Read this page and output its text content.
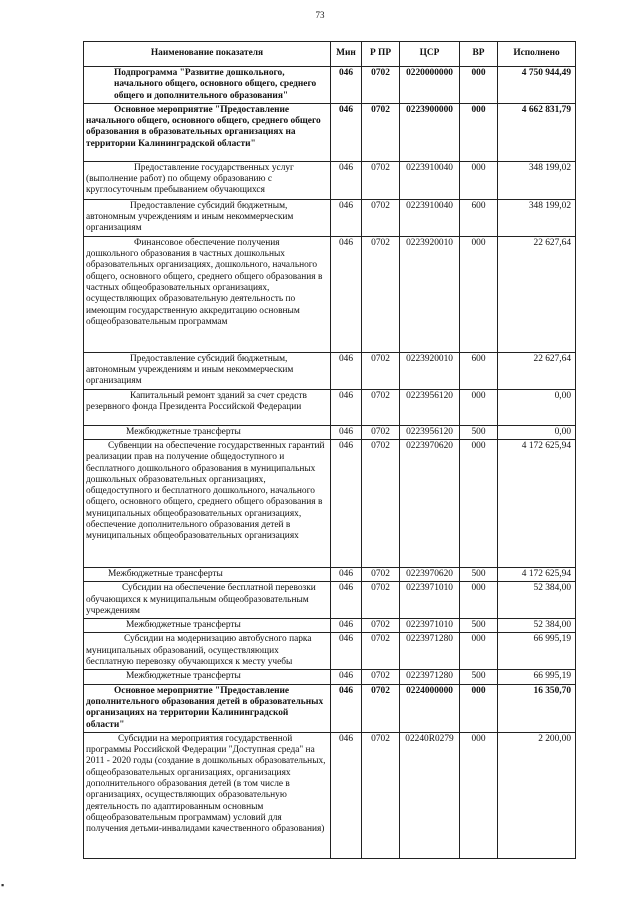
73
Наименование показателя	Мин	Р ПР	ЦСР	ВР	Исполнено
Подпрограмма "Развитие дошкольного, начального общего, основного общего, среднего общего и дополнительного образования"	046	0702	0220000000	000	4 750 944,49
Основное мероприятие "Предоставление начального общего, основного общего, среднего общего образования в образовательных организациях на территории Калининградской области"	046	0702	0223900000	000	4 662 831,79
Предоставление государственных услуг (выполнение работ) по общему образованию с круглосуточным пребыванием обучающихся	046	0702	0223910040	000	348 199,02
Предоставление субсидий бюджетным, автономным учреждениям и иным некоммерческим организациям	046	0702	0223910040	600	348 199,02
Финансовое обеспечение получения дошкольного образования в частных дошкольных образовательных организациях, дошкольного, начального общего, основного общего, среднего общего образования в частных общеобразовательных организациях, осуществляющих образовательную деятельность по имеющим государственную аккредитацию основным общеобразовательным программам	046	0702	0223920010	000	22 627,64
Предоставление субсидий бюджетным, автономным учреждениям и иным некоммерческим организациям	046	0702	0223920010	600	22 627,64
Капитальный ремонт зданий за счет средств резервного фонда Президента Российской Федерации	046	0702	0223956120	000	0,00
Межбюджетные трансферты	046	0702	0223956120	500	0,00
Субвенции на обеспечение государственных гарантий реализации прав на получение общедоступного и бесплатного дошкольного образования в муниципальных дошкольных образовательных организациях, общедоступного и бесплатного дошкольного, начального общего, основного общего, среднего общего образования в муниципальных общеобразовательных организациях, обеспечение дополнительного образования детей в муниципальных общеобразовательных организациях	046	0702	0223970620	000	4 172 625,94
Межбюджетные трансферты	046	0702	0223970620	500	4 172 625,94
Субсидии на обеспечение бесплатной перевозки обучающихся к муниципальным общеобразовательным учреждениям	046	0702	0223971010	000	52 384,00
Межбюджетные трансферты	046	0702	0223971010	500	52 384,00
Субсидии на модернизацию автобусного парка муниципальных образований, осуществляющих бесплатную перевозку обучающихся к месту учебы	046	0702	0223971280	000	66 995,19
Межбюджетные трансферты	046	0702	0223971280	500	66 995,19
Основное мероприятие "Предоставление дополнительного образования детей в образовательных организациях на территории Калининградской области"	046	0702	0224000000	000	16 350,70
Субсидии на мероприятия государственной программы Российской Федерации "Доступная среда" на 2011 - 2020 годы (создание в дошкольных образовательных, общеобразовательных организациях, организациях дополнительного образования детей (в том числе в организациях, осуществляющих образовательную деятельность по адаптированным основным общеобразовательным программам) условий для получения детьми-инвалидами качественного образования)	046	0702	02240R0279	000	2 200,00
▪
